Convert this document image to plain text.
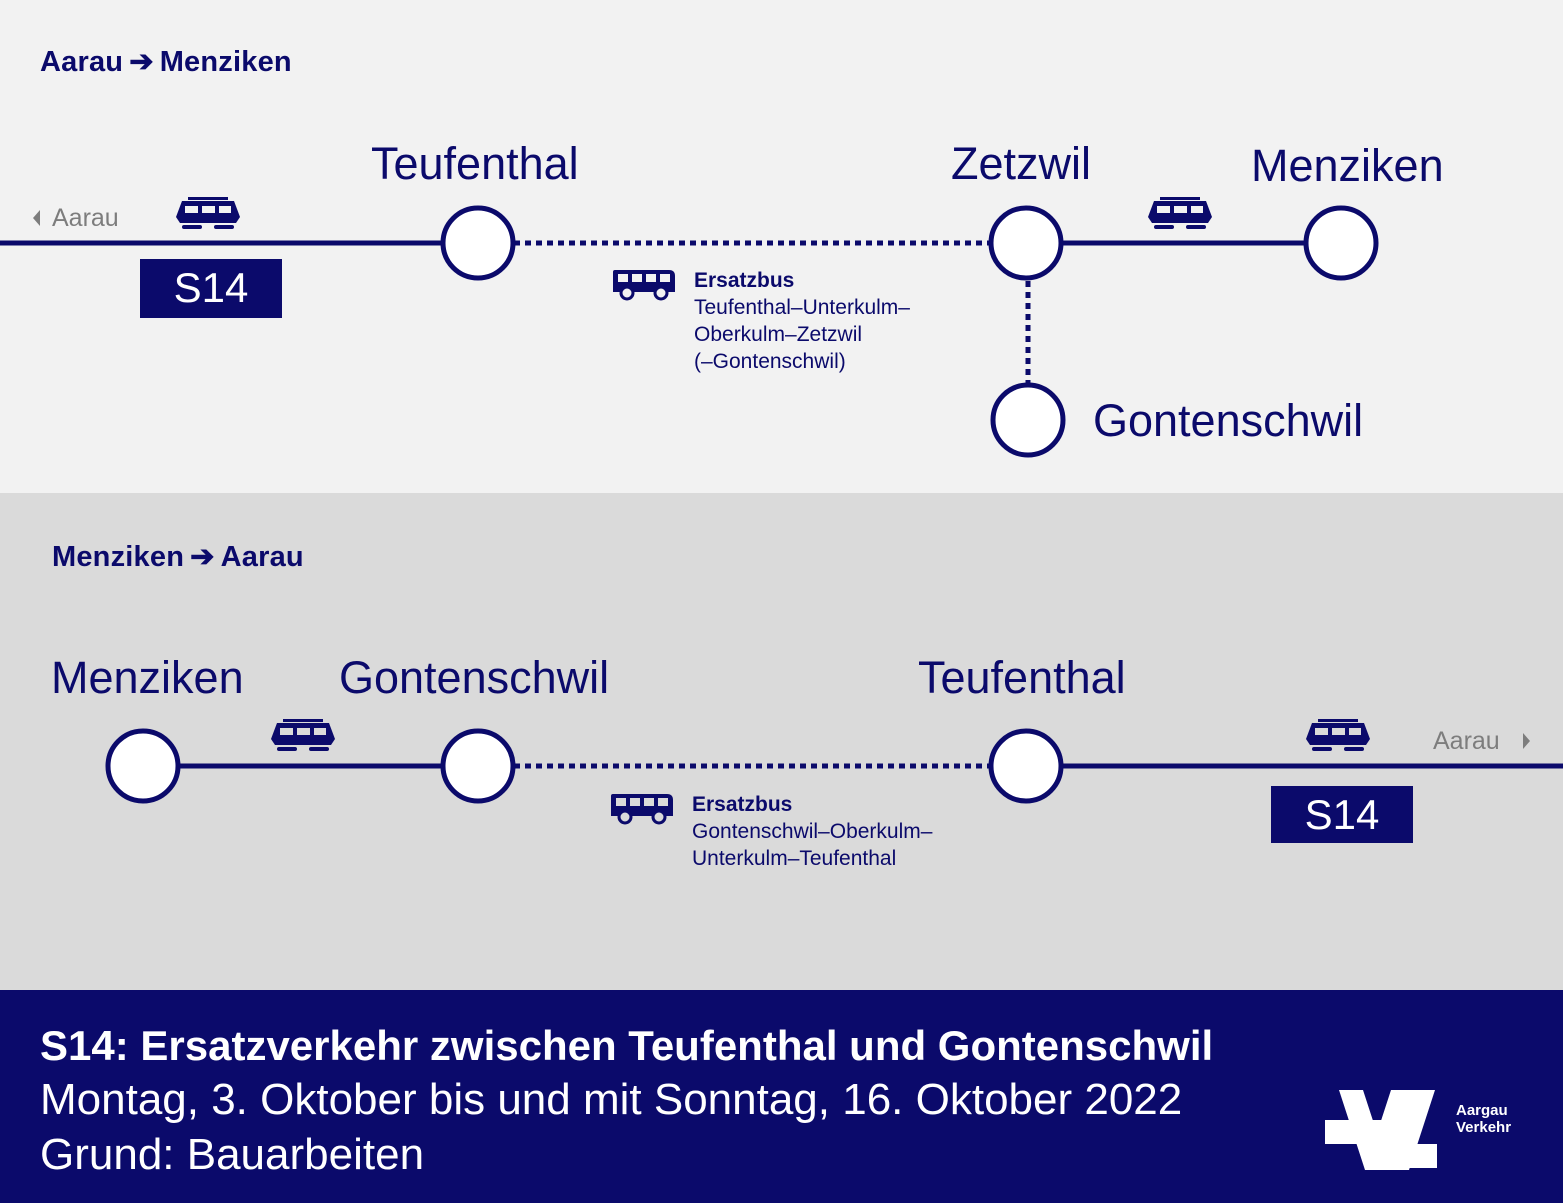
Aarau ➔ Menziken
Aarau
S14
Teufenthal	Zetzwil	Menziken
Gontenschwil
Ersatzbus
Teufenthal–Unterkulm–
Oberkulm–Zetzwil
(–Gontenschwil)
Menziken ➔ Aarau
Aarau
S14
Menziken Gontenschwil	Teufenthal
Ersatzbus
Gontenschwil–Oberkulm–
Unterkulm–Teufenthal
S14: Ersatzverkehr zwischen Teufenthal und Gontenschwil
Montag, 3. Oktober bis und mit Sonntag, 16. Oktober 2022
Grund: Bauarbeiten
Aargau
Verkehr
